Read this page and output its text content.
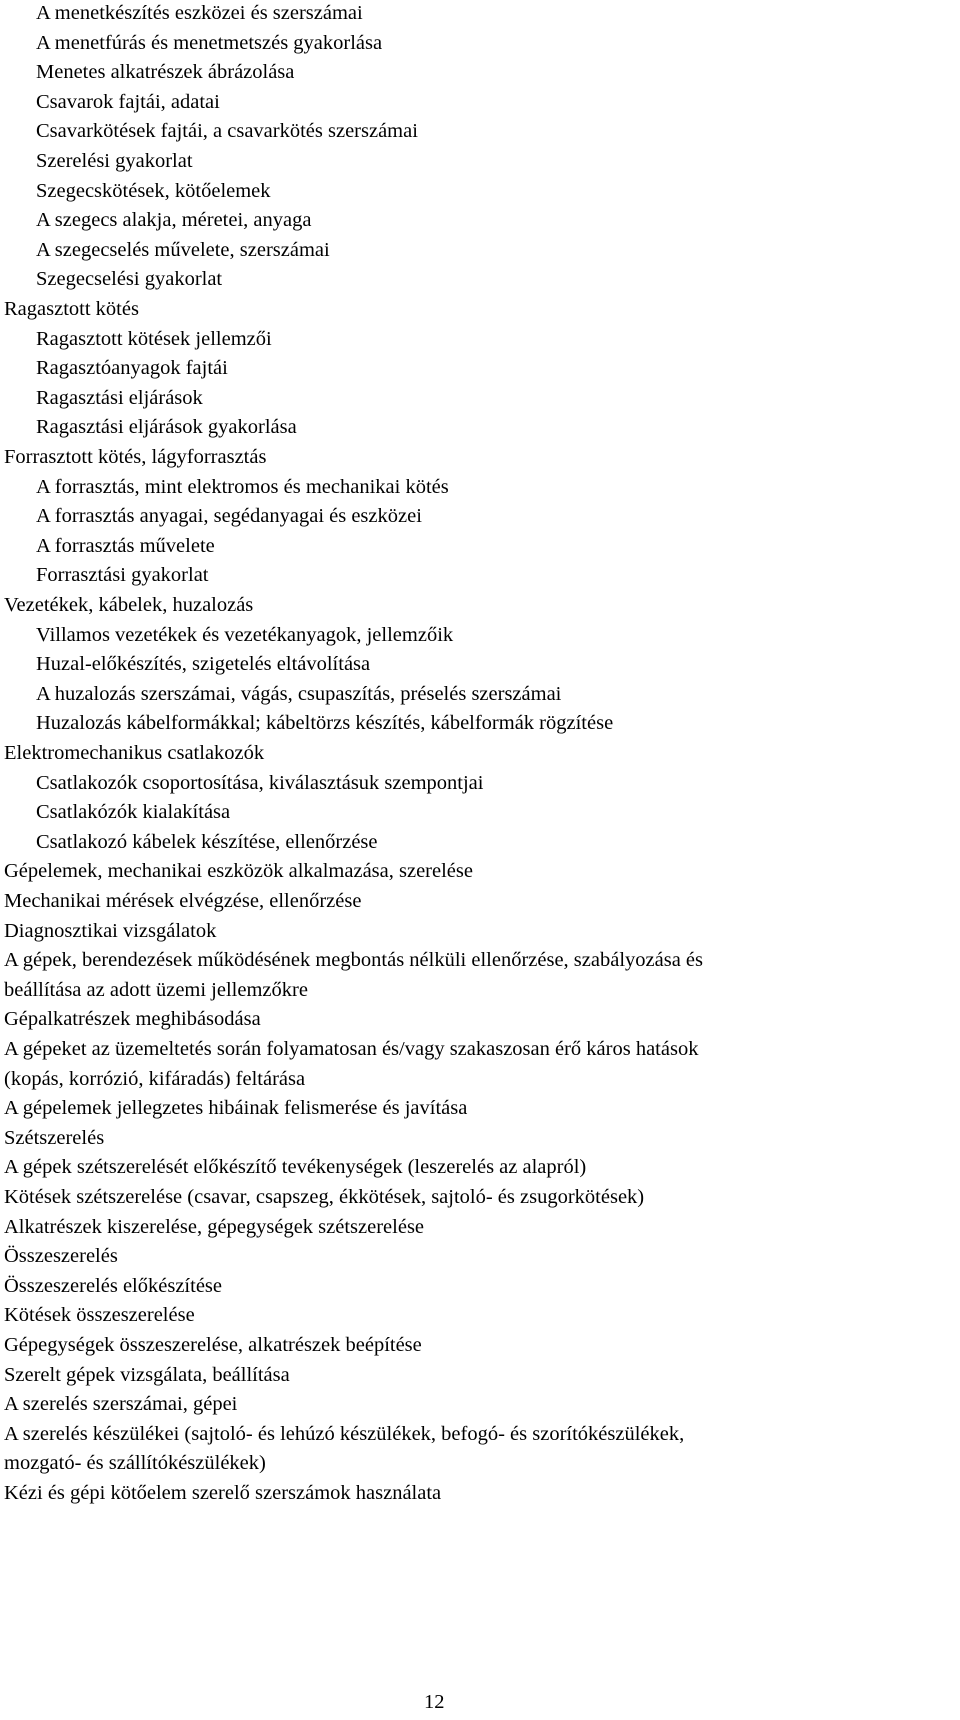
A menetkészítés eszközei és szerszámai
A menetfúrás és menetmetszés gyakorlása
Menetes alkatrészek ábrázolása
Csavarok fajtái, adatai
Csavarkötések fajtái, a csavarkötés szerszámai
Szerelési gyakorlat
Szegecskötések, kötőelemek
A szegecs alakja, méretei, anyaga
A szegecselés művelete, szerszámai
Szegecselési gyakorlat
Ragasztott kötés
Ragasztott kötések jellemzői
Ragasztóanyagok fajtái
Ragasztási eljárások
Ragasztási eljárások gyakorlása
Forrasztott kötés, lágyforrasztás
A forrasztás, mint elektromos és mechanikai kötés
A forrasztás anyagai, segédanyagai és eszközei
A forrasztás művelete
Forrasztási gyakorlat
Vezetékek, kábelek, huzalozás
Villamos vezetékek és vezetékanyagok, jellemzőik
Huzal-előkészítés, szigetelés eltávolítása
A huzalozás szerszámai, vágás, csupaszítás, préselés szerszámai
Huzalozás kábelformákkal; kábeltörzs készítés, kábelformák rögzítése
Elektromechanikus csatlakozók
Csatlakozók csoportosítása, kiválasztásuk szempontjai
Csatlakózók kialakítása
Csatlakozó kábelek készítése, ellenőrzése
Gépelemek, mechanikai eszközök alkalmazása, szerelése
Mechanikai mérések elvégzése, ellenőrzése
Diagnosztikai vizsgálatok
A gépek, berendezések működésének megbontás nélküli ellenőrzése, szabályozása és
beállítása az adott üzemi jellemzőkre
Gépalkatrészek meghibásodása
A gépeket az üzemeltetés során folyamatosan és/vagy szakaszosan érő káros hatások
(kopás, korrózió, kifáradás) feltárása
A gépelemek jellegzetes hibáinak felismerése és javítása
Szétszerelés
A gépek szétszerelését előkészítő tevékenységek (leszerelés az alapról)
Kötések szétszerelése (csavar, csapszeg, ékkötések, sajtoló- és zsugorkötések)
Alkatrészek kiszerelése, gépegységek szétszerelése
Összeszerelés
Összeszerelés előkészítése
Kötések összeszerelése
Gépegységek összeszerelése, alkatrészek beépítése
Szerelt gépek vizsgálata, beállítása
A szerelés szerszámai, gépei
A szerelés készülékei (sajtoló- és lehúzó készülékek, befogó- és szorítókészülékek,
mozgató- és szállítókészülékek)
Kézi és gépi kötőelem szerelő szerszámok használata
12
